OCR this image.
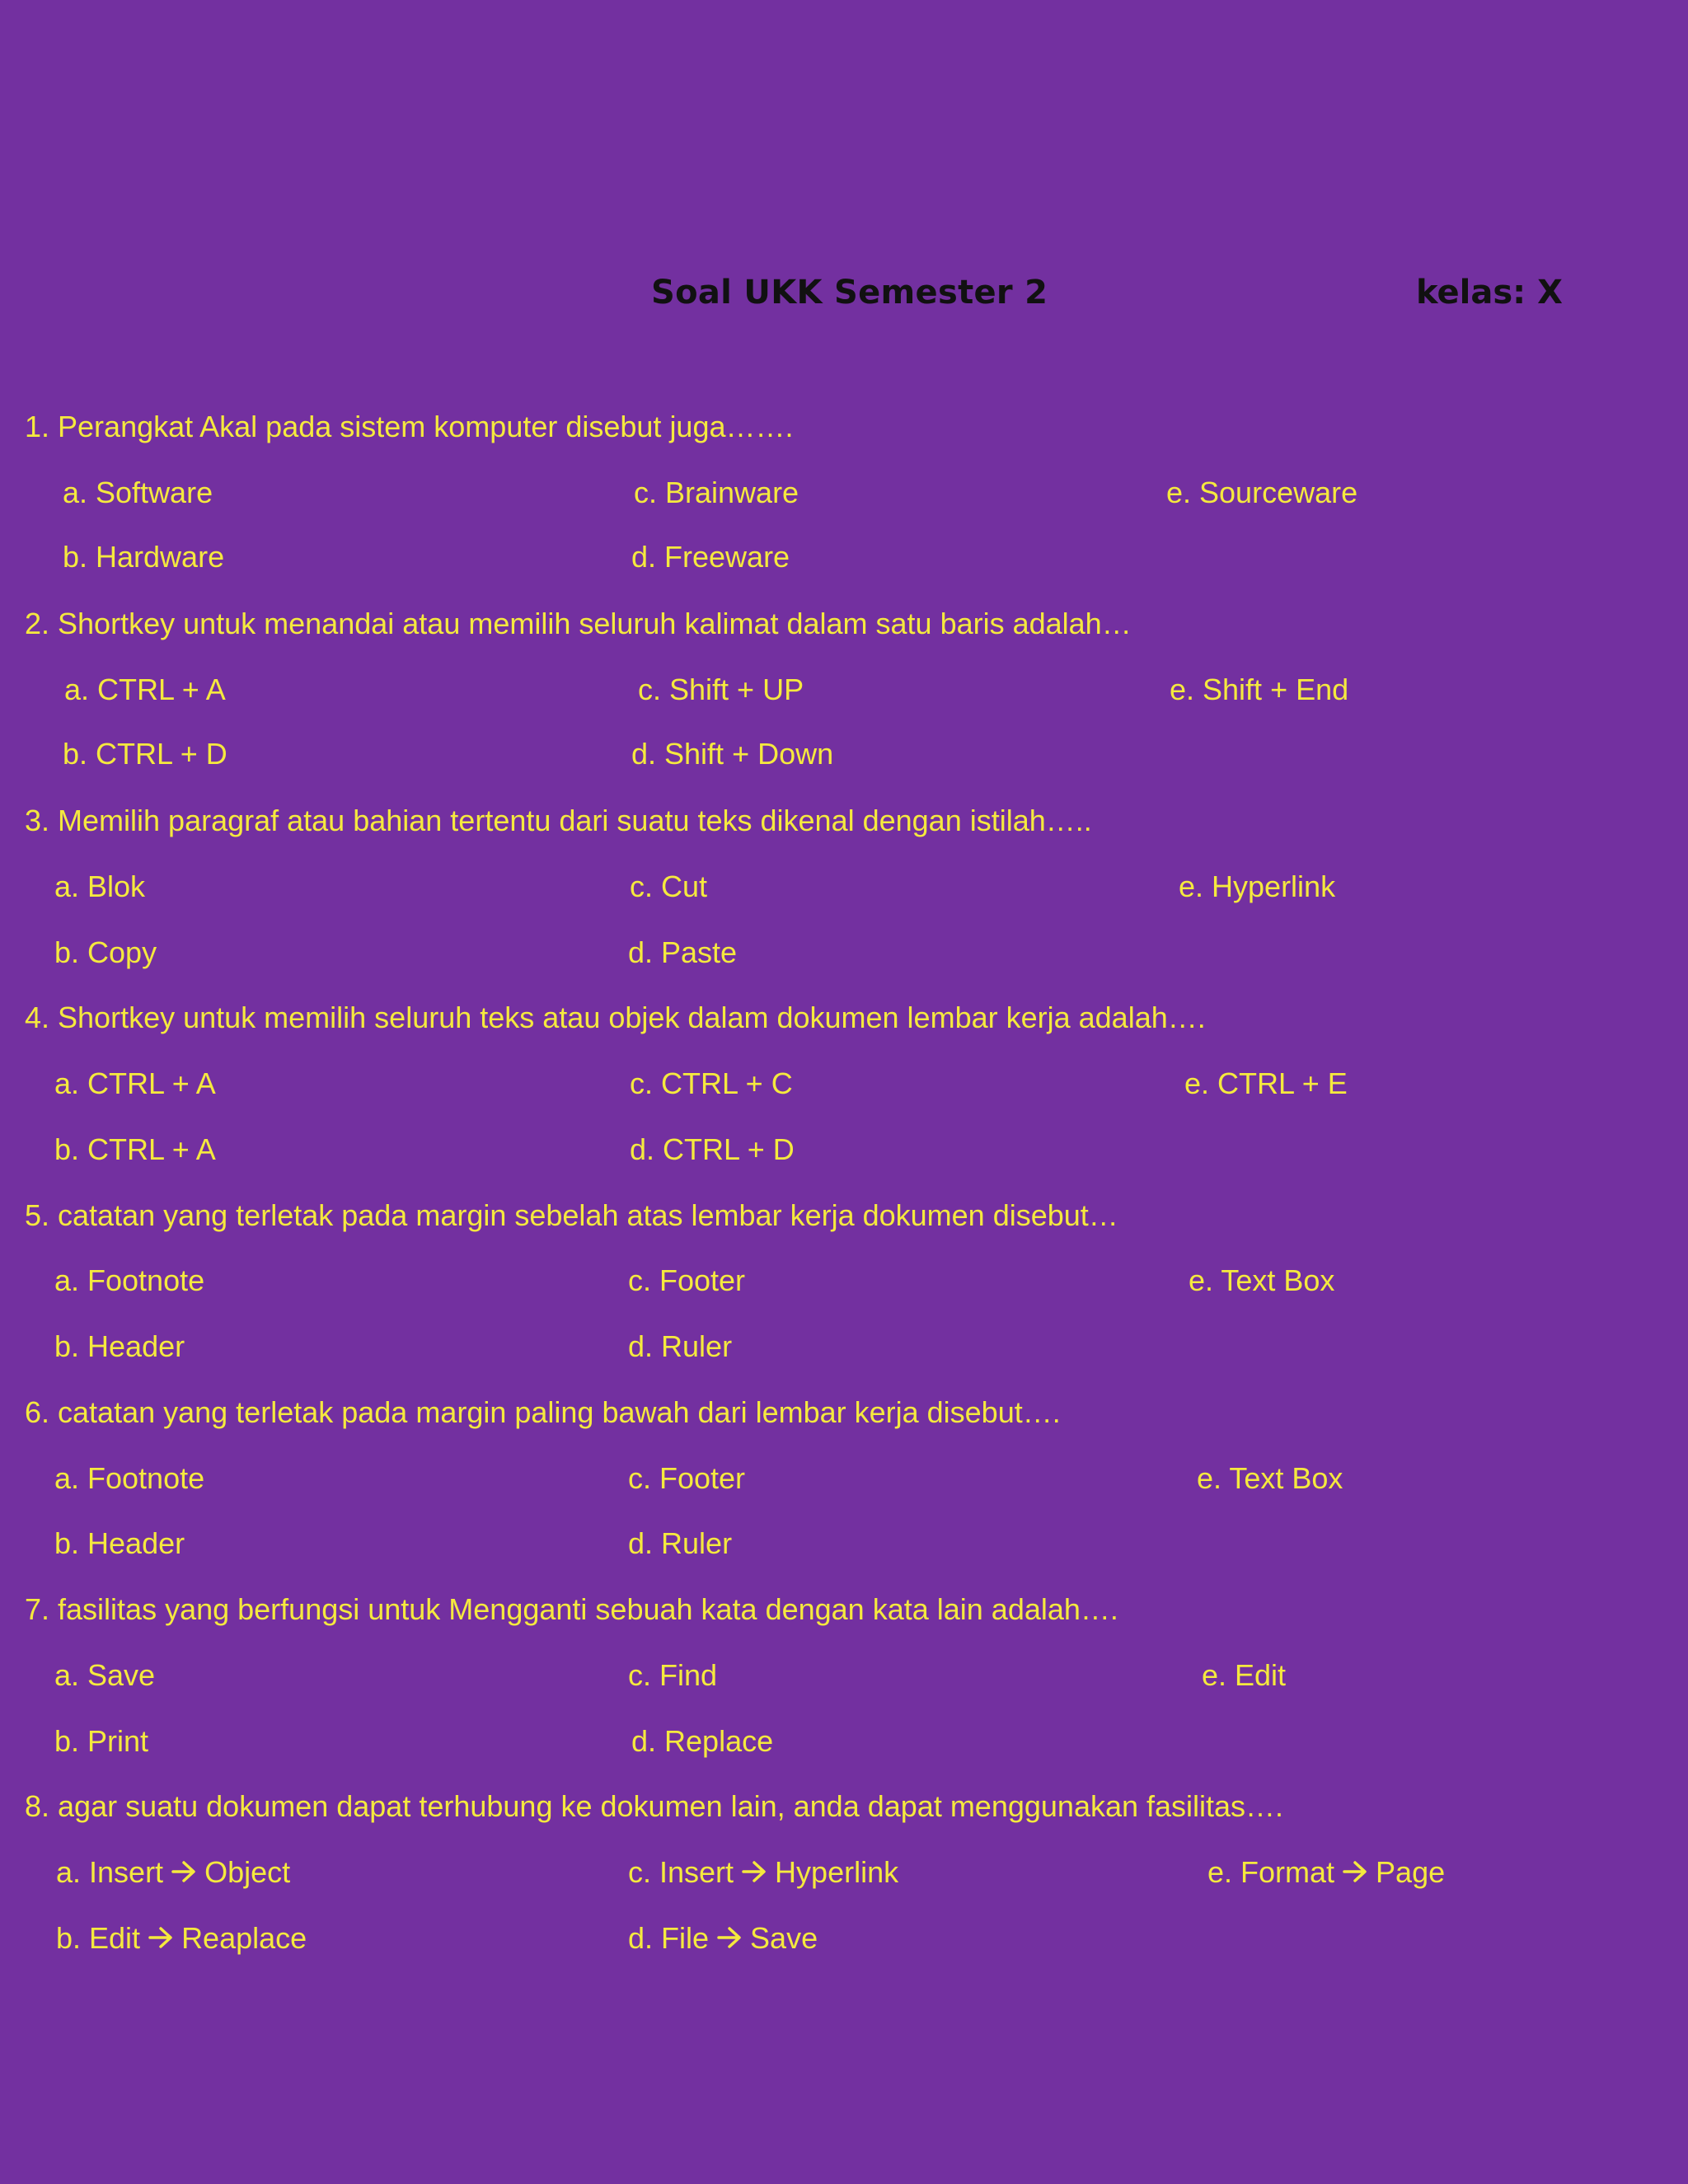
Soal UKK Semester 2	kelas: X
1. Perangkat Akal pada sistem komputer disebut juga…….
a. Software	c. Brainware	e. Sourceware
b. Hardware	d. Freeware
2. Shortkey untuk menandai atau memilih seluruh kalimat dalam satu baris adalah…
a. CTRL + A	c. Shift + UP	e. Shift + End
b. CTRL + D	d. Shift + Down
3. Memilih paragraf atau bahian tertentu dari suatu teks dikenal dengan istilah…..
a. Blok	c. Cut	e. Hyperlink
b. Copy	d. Paste
4. Shortkey untuk memilih seluruh teks atau objek dalam dokumen lembar kerja adalah….
a. CTRL + A	c. CTRL + C	e. CTRL + E
b. CTRL + A	d. CTRL + D
5. catatan yang terletak pada margin sebelah atas lembar kerja dokumen disebut…
a. Footnote	c. Footer	e. Text Box
b. Header	d. Ruler
6. catatan yang terletak pada margin paling bawah dari lembar kerja disebut….
a. Footnote	c. Footer	e. Text Box
b. Header	d. Ruler
7. fasilitas yang berfungsi untuk Mengganti sebuah kata dengan kata lain adalah….
a. Save	c. Find	e. Edit
b. Print	d. Replace
8. agar suatu dokumen dapat terhubung ke dokumen lain, anda dapat menggunakan fasilitas….
a. Insert Object	c. Insert Hyperlink	e. Format Page
b. Edit Reaplace	d. File Save
